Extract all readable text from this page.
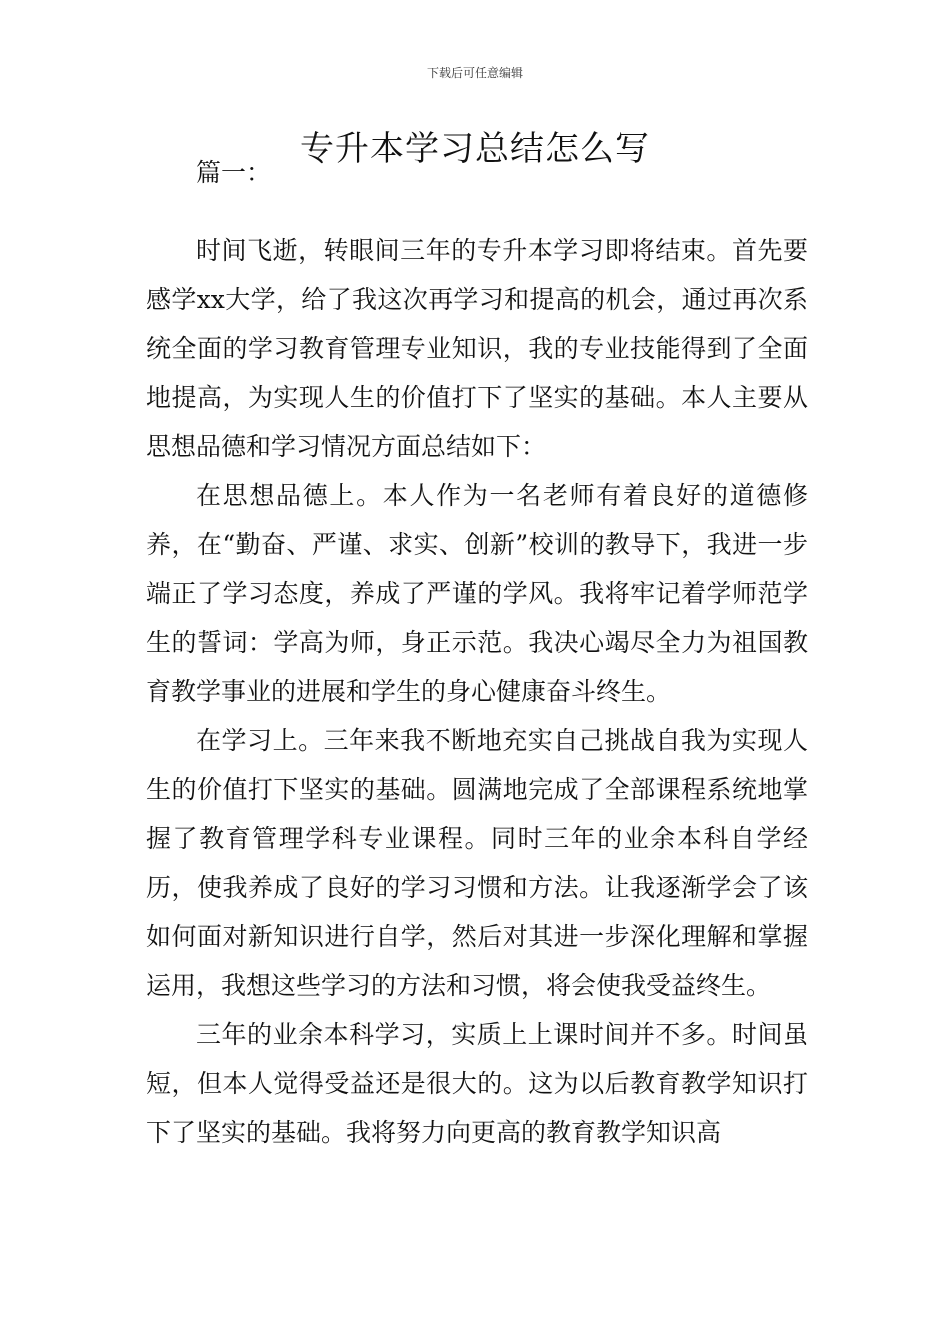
下载后可任意编辑
专升本学习总结怎么写

篇一：

时间飞逝，转眼间三年的专升本学习即将结束。首先要感学xx大学，给了我这次再学习和提高的机会，通过再次系统全面的学习教育管理专业知识，我的专业技能得到了全面地提高，为实现人生的价值打下了坚实的基础。本人主要从思想品德和学习情况方面总结如下：

在思想品德上。本人作为一名老师有着良好的道德修养，在“勤奋、严谨、求实、创新”校训的教导下，我进一步端正了学习态度，养成了严谨的学风。我将牢记着学师范学生的誓词：学高为师，身正示范。我决心竭尽全力为祖国教育教学事业的进展和学生的身心健康奋斗终生。

在学习上。三年来我不断地充实自己挑战自我为实现人生的价值打下坚实的基础。圆满地完成了全部课程系统地掌握了教育管理学科专业课程。同时三年的业余本科自学经历，使我养成了良好的学习习惯和方法。让我逐渐学会了该如何面对新知识进行自学，然后对其进一步深化理解和掌握运用，我想这些学习的方法和习惯，将会使我受益终生。

三年的业余本科学习，实质上上课时间并不多。时间虽短，但本人觉得受益还是很大的。这为以后教育教学知识打下了坚实的基础。我将努力向更高的教育教学知识高
